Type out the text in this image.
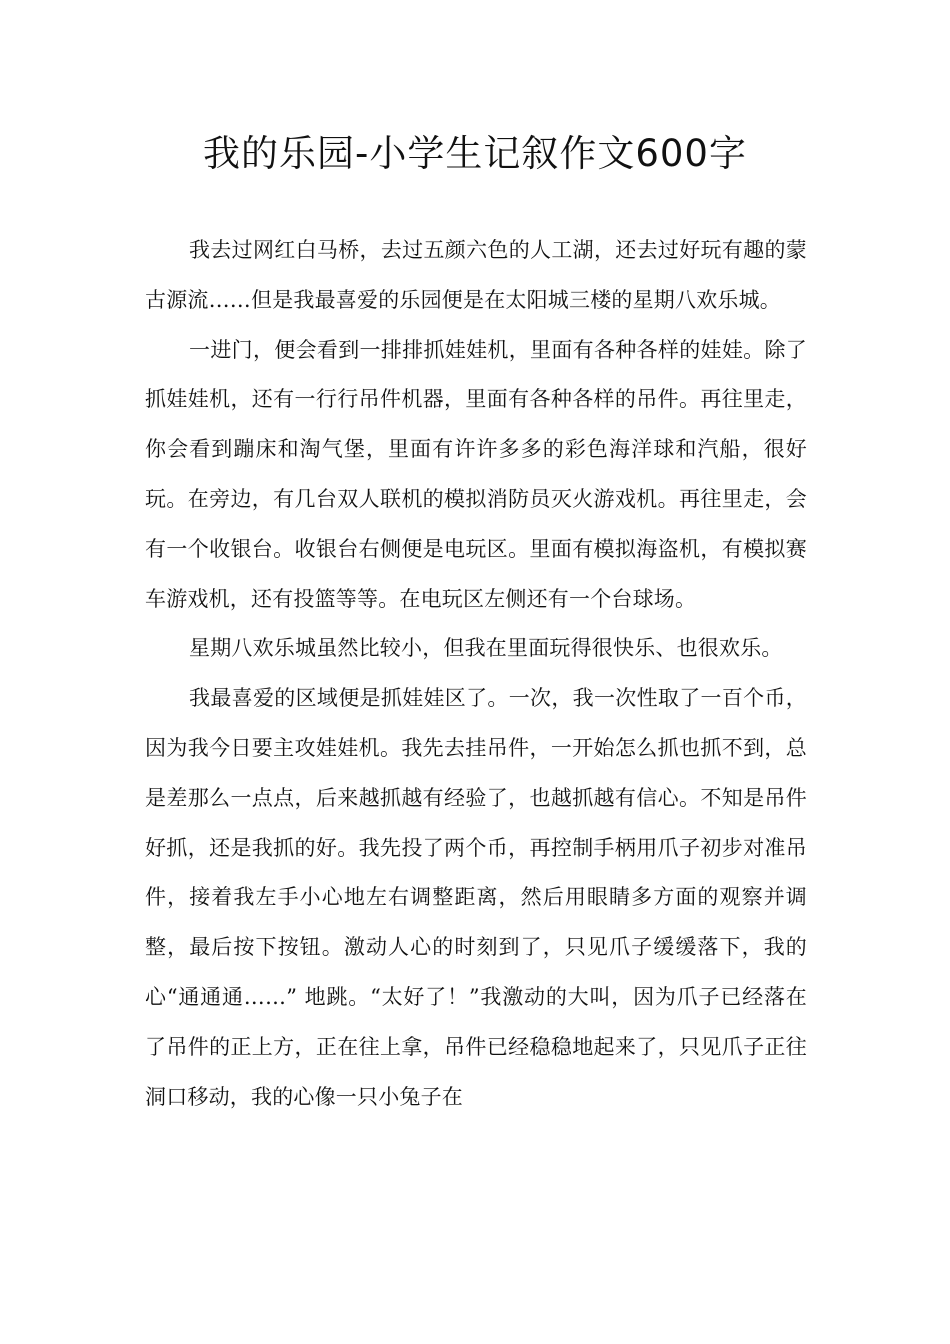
我的乐园-小学生记叙作文600字

我去过网红白马桥，去过五颜六色的人工湖，还去过好玩有趣的蒙古源流……但是我最喜爱的乐园便是在太阳城三楼的星期八欢乐城。

一进门，便会看到一排排抓娃娃机，里面有各种各样的娃娃。除了抓娃娃机，还有一行行吊件机器，里面有各种各样的吊件。再往里走，你会看到蹦床和淘气堡，里面有许许多多的彩色海洋球和汽船，很好玩。在旁边，有几台双人联机的模拟消防员灭火游戏机。再往里走，会有一个收银台。收银台右侧便是电玩区。里面有模拟海盗机，有模拟赛车游戏机，还有投篮等等。在电玩区左侧还有一个台球场。

星期八欢乐城虽然比较小，但我在里面玩得很快乐、也很欢乐。

我最喜爱的区域便是抓娃娃区了。一次，我一次性取了一百个币，因为我今日要主攻娃娃机。我先去挂吊件，一开始怎么抓也抓不到，总是差那么一点点，后来越抓越有经验了，也越抓越有信心。不知是吊件好抓，还是我抓的好。我先投了两个币，再控制手柄用爪子初步对准吊件，接着我左手小心地左右调整距离，然后用眼睛多方面的观察并调整，最后按下按钮。激动人心的时刻到了，只见爪子缓缓落下，我的心“通通通……” 地跳。“太好了！”我激动的大叫，因为爪子已经落在了吊件的正上方，正在往上拿，吊件已经稳稳地起来了，只见爪子正往洞口移动，我的心像一只小兔子在
